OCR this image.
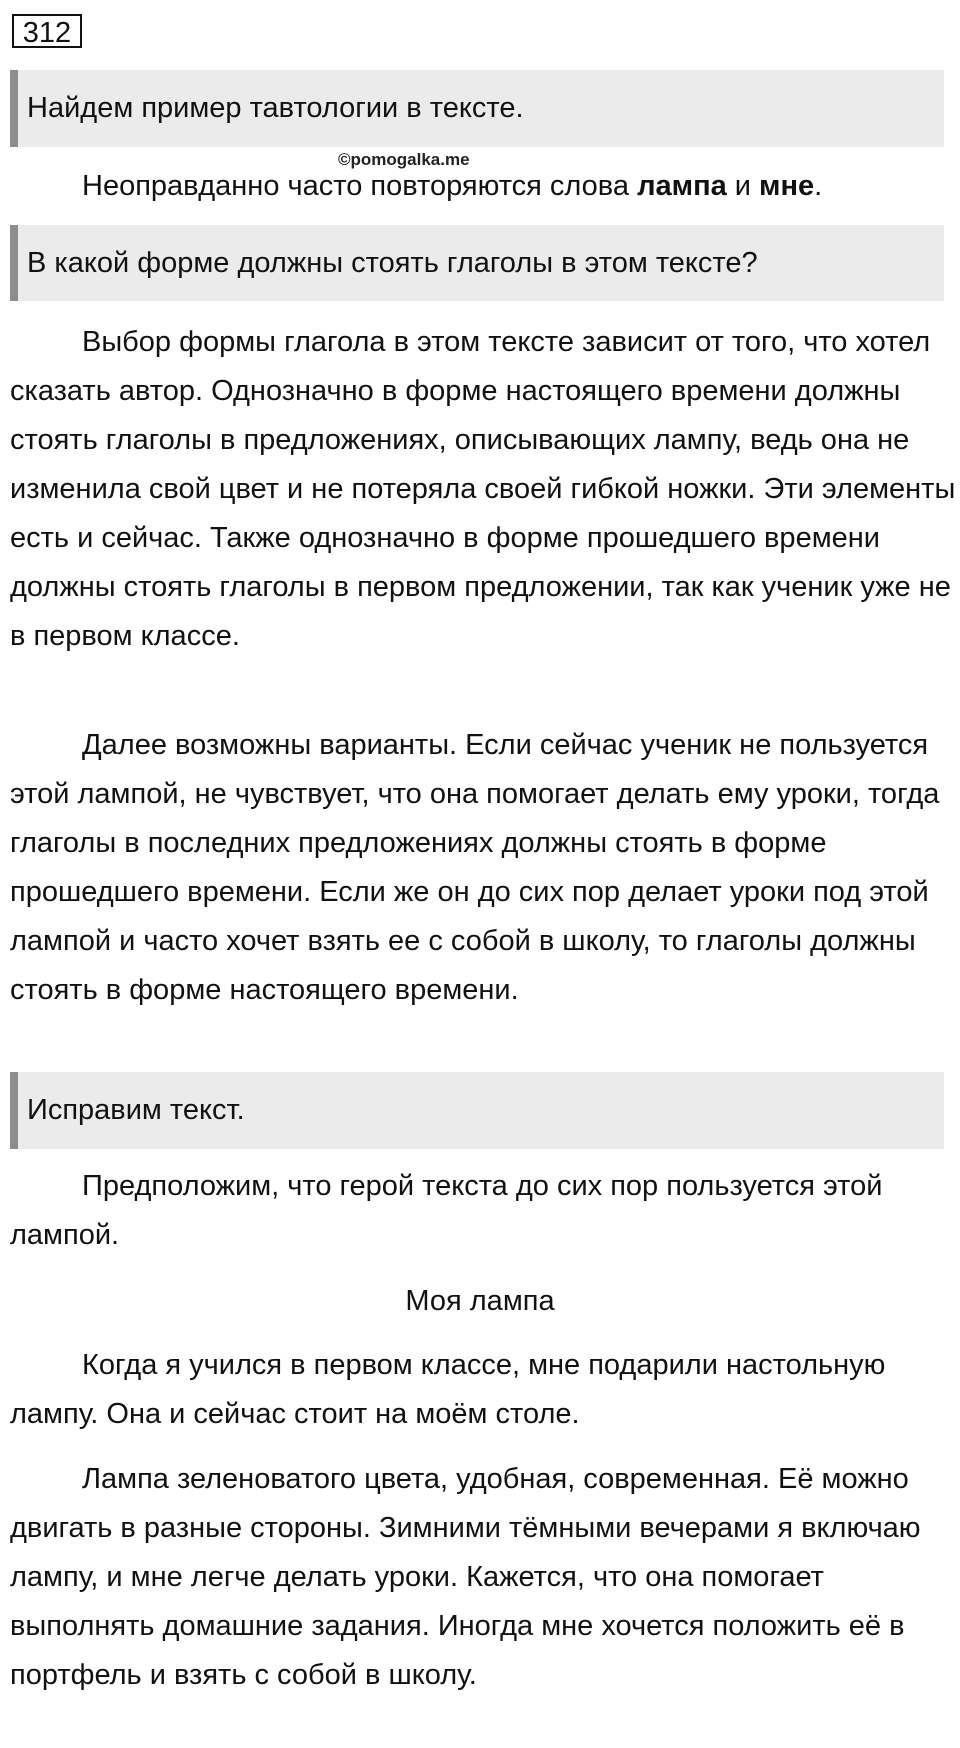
312
Найдем пример тавтологии в тексте.
©pomogalka.me

Неоправданно часто повторяются слова лампа и мне.

В какой форме должны стоять глаголы в этом тексте?

Выбор формы глагола в этом тексте зависит от того, что хотел сказать автор. Однозначно в форме настоящего времени должны стоять глаголы в предложениях, описывающих лампу, ведь она не изменила свой цвет и не потеряла своей гибкой ножки. Эти элементы есть и сейчас. Также однозначно в форме прошедшего времени должны стоять глаголы в первом предложении, так как ученик уже не в первом классе.

Далее возможны варианты. Если сейчас ученик не пользуется этой лампой, не чувствует, что она помогает делать ему уроки, тогда глаголы в последних предложениях должны стоять в форме прошедшего времени. Если же он до сих пор делает уроки под этой лампой и часто хочет взять ее с собой в школу, то глаголы должны стоять в форме настоящего времени.

Исправим текст.

Предположим, что герой текста до сих пор пользуется этой лампой.

Моя лампа

Когда я учился в первом классе, мне подарили настольную лампу. Она и сейчас стоит на моём столе.

Лампа зеленоватого цвета, удобная, современная. Её можно двигать в разные стороны. Зимними тёмными вечерами я включаю лампу, и мне легче делать уроки. Кажется, что она помогает выполнять домашние задания. Иногда мне хочется положить её в портфель и взять с собой в школу.
